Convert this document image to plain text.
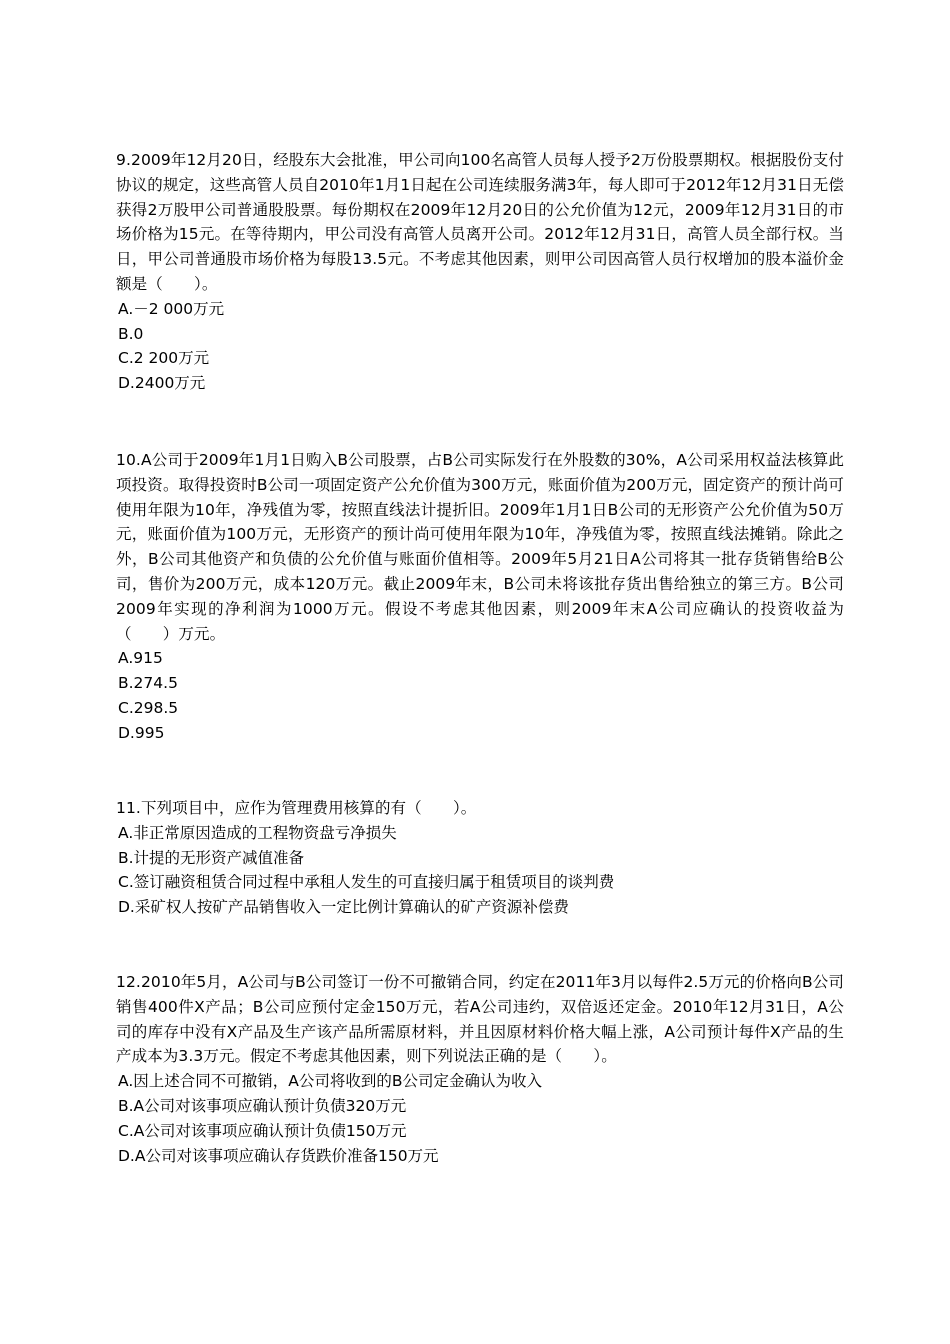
9.2009年12月20日，经股东大会批准，甲公司向100名高管人员每人授予2万份股票期权。根据股份支付协议的规定，这些高管人员自2010年1月1日起在公司连续服务满3年，每人即可于2012年12月31日无偿获得2万股甲公司普通股股票。每份期权在2009年12月20日的公允价值为12元，2009年12月31日的市场价格为15元。在等待期内，甲公司没有高管人员离开公司。2012年12月31日，高管人员全部行权。当日，甲公司普通股市场价格为每股13.5元。不考虑其他因素，则甲公司因高管人员行权增加的股本溢价金额是（　　）。

A.－2 000万元
B.0
C.2 200万元
D.2400万元

10.A公司于2009年1月1日购入B公司股票，占B公司实际发行在外股数的30%，A公司采用权益法核算此项投资。取得投资时B公司一项固定资产公允价值为300万元，账面价值为200万元，固定资产的预计尚可使用年限为10年，净残值为零，按照直线法计提折旧。2009年1月1日B公司的无形资产公允价值为50万元，账面价值为100万元，无形资产的预计尚可使用年限为10年，净残值为零，按照直线法摊销。除此之外，B公司其他资产和负债的公允价值与账面价值相等。2009年5月21日A公司将其一批存货销售给B公司，售价为200万元，成本120万元。截止2009年末，B公司未将该批存货出售给独立的第三方。B公司2009年实现的净利润为1000万元。假设不考虑其他因素，则2009年末A公司应确认的投资收益为（　　）万元。

A.915
B.274.5
C.298.5
D.995

11.下列项目中，应作为管理费用核算的有（　　）。

A.非正常原因造成的工程物资盘亏净损失
B.计提的无形资产减值准备
C.签订融资租赁合同过程中承租人发生的可直接归属于租赁项目的谈判费
D.采矿权人按矿产品销售收入一定比例计算确认的矿产资源补偿费

12.2010年5月，A公司与B公司签订一份不可撤销合同，约定在2011年3月以每件2.5万元的价格向B公司销售400件X产品；B公司应预付定金150万元，若A公司违约，双倍返还定金。2010年12月31日，A公司的库存中没有X产品及生产该产品所需原材料，并且因原材料价格大幅上涨，A公司预计每件X产品的生产成本为3.3万元。假定不考虑其他因素，则下列说法正确的是（　　）。

A.因上述合同不可撤销，A公司将收到的B公司定金确认为收入
B.A公司对该事项应确认预计负债320万元
C.A公司对该事项应确认预计负债150万元
D.A公司对该事项应确认存货跌价准备150万元
